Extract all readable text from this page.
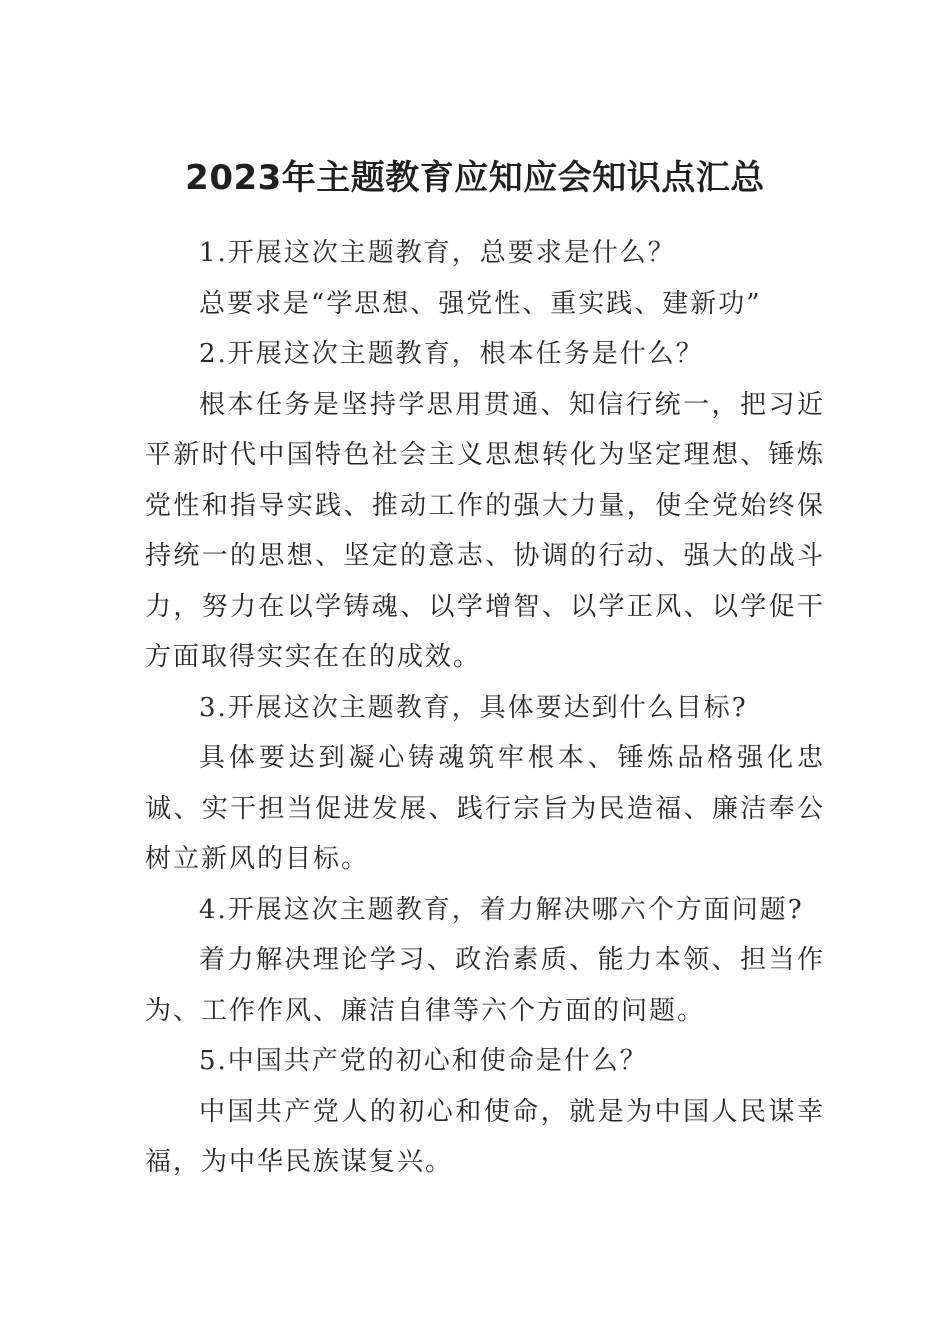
2023年主题教育应知应会知识点汇总

1.开展这次主题教育，总要求是什么？

总要求是“学思想、强党性、重实践、建新功”

2.开展这次主题教育，根本任务是什么？

根本任务是坚持学思用贯通、知信行统一，把习近平新时代中国特色社会主义思想转化为坚定理想、锤炼党性和指导实践、推动工作的强大力量，使全党始终保持统一的思想、坚定的意志、协调的行动、强大的战斗力，努力在以学铸魂、以学增智、以学正风、以学促干方面取得实实在在的成效。

3.开展这次主题教育，具体要达到什么目标?

具体要达到凝心铸魂筑牢根本、锤炼品格强化忠诚、实干担当促进发展、践行宗旨为民造福、廉洁奉公树立新风的目标。

4.开展这次主题教育，着力解决哪六个方面问题?

着力解决理论学习、政治素质、能力本领、担当作为、工作作风、廉洁自律等六个方面的问题。

5.中国共产党的初心和使命是什么？

中国共产党人的初心和使命，就是为中国人民谋幸福，为中华民族谋复兴。
